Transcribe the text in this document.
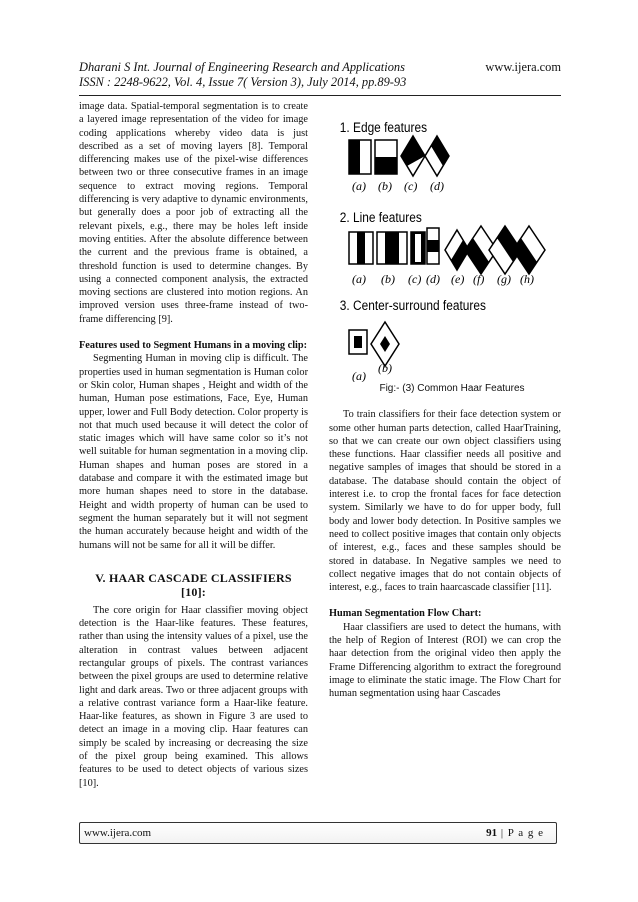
Dharani S Int. Journal of Engineering Research and Applications
ISSN : 2248-9622, Vol. 4, Issue 7( Version 3), July 2014, pp.89-93
www.ijera.com

image data. Spatial-temporal segmentation is to create a layered image representation of the video for image coding applications whereby video data is just described as a set of moving layers [8]. Temporal differencing makes use of the pixel-wise differences between two or three consecutive frames in an image sequence to extract moving regions. Temporal differencing is very adaptive to dynamic environments, but generally does a poor job of extracting all the relevant pixels, e.g., there may be holes left inside moving entities. After the absolute difference between the current and the previous frame is obtained, a threshold function is used to determine changes. By using a connected component analysis, the extracted moving sections are clustered into motion regions. An improved version uses three-frame instead of two-frame differencing [9].

Features used to Segment Humans in a moving clip:

Segmenting Human in moving clip is difficult. The properties used in human segmentation is Human color or Skin color, Human shapes , Height and width of the human, Human pose estimations, Face, Eye, Human upper, lower and Full Body detection. Color property is not that much used because it will detect the color of static images which will have same color so it’s not well suitable for human segmentation in a moving clip. Human shapes and human poses are stored in a database and compare it with the estimated image but more human shapes need to store in the database. Height and width property of human can be used to segment the human separately but it will not segment the human accurately because height and width of the humans will not be same for all it will be differ.

V. HAAR CASCADE CLASSIFIERS
[10]:

The core origin for Haar classifier moving object detection is the Haar-like features. These features, rather than using the intensity values of a pixel, use the alteration in contrast values between adjacent rectangular groups of pixels. The contrast variances between the pixel groups are used to determine relative light and dark areas. Two or three adjacent groups with a relative contrast variance form a Haar-like feature. Haar-like features, as shown in Figure 3 are used to detect an image in a moving clip. Haar features can simply be scaled by increasing or decreasing the size of the pixel group being examined. This allows features to be used to detect objects of various sizes [10].

1. Edge features
(a) (b) (c) (d)
2. Line features
(a) (b) (c) (d) (e) (f) (g) (h)
3. Center-surround features
(a)
(b)
Fig:- (3) Common Haar Features

To train classifiers for their face detection system or some other human parts detection, called HaarTraining, so that we can create our own object classifiers using these functions. Haar classifier needs all positive and negative samples of images that should be stored in a database. The database should contain the object of interest i.e. to crop the frontal faces for face detection system. Similarly we have to do for upper body, full body and lower body detection. In Positive samples we need to collect positive images that contain only objects of interest, e.g., faces and these samples should be stored in database. In Negative samples we need to collect negative images that do not contain objects of interest, e.g., faces to train haarcascade classifier [11].

Human Segmentation Flow Chart:

Haar classifiers are used to detect the humans, with the help of Region of Interest (ROI) we can crop the haar detection from the original video then apply the Frame Differencing algorithm to extract the foreground image to eliminate the static image. The Flow Chart for human segmentation using haar Cascades

www.ijera.com	91 | P a g e
